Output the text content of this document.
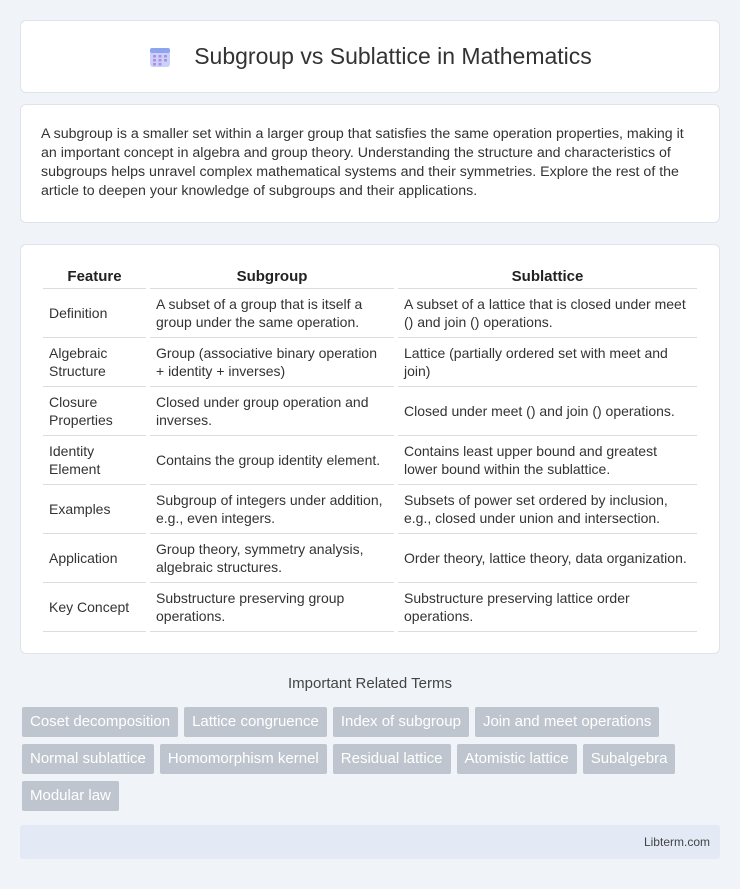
Subgroup vs Sublattice in Mathematics

A subgroup is a smaller set within a larger group that satisfies the same operation properties, making it an important concept in algebra and group theory. Understanding the structure and characteristics of subgroups helps unravel complex mathematical systems and their symmetries. Explore the rest of the article to deepen your knowledge of subgroups and their applications.

Feature	Subgroup	Sublattice
Definition	A subset of a group that is itself a group under the same operation.	A subset of a lattice that is closed under meet () and join () operations.
Algebraic Structure	Group (associative binary operation + identity + inverses)	Lattice (partially ordered set with meet and join)
Closure Properties	Closed under group operation and inverses.	Closed under meet () and join () operations.
Identity Element	Contains the group identity element.	Contains least upper bound and greatest lower bound within the sublattice.
Examples	Subgroup of integers under addition, e.g., even integers.	Subsets of power set ordered by inclusion, e.g., closed under union and intersection.
Application	Group theory, symmetry analysis, algebraic structures.	Order theory, lattice theory, data organization.
Key Concept	Substructure preserving group operations.	Substructure preserving lattice order operations.
Important Related Terms
Coset decomposition	Lattice congruence	Index of subgroup	Join and meet operations
Normal sublattice	Homomorphism kernel	Residual lattice	Atomistic lattice	Subalgebra
Modular law
Libterm.com
